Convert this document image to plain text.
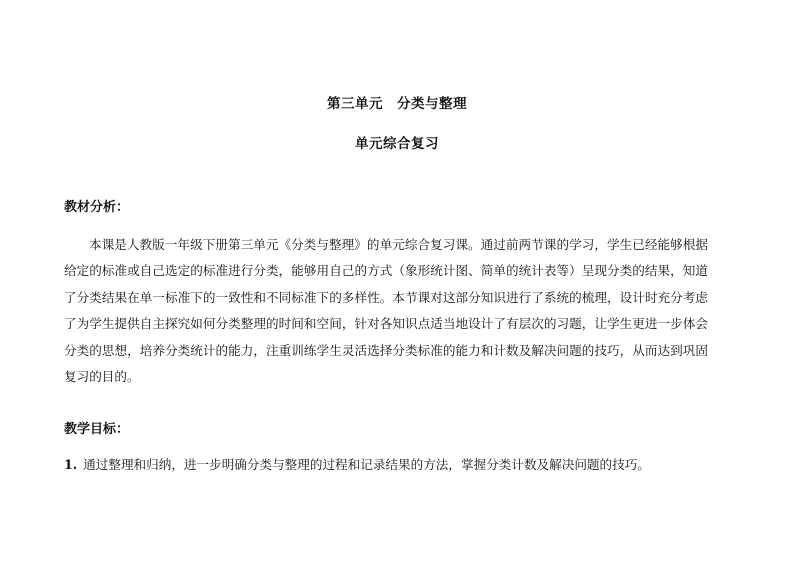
第三单元　分类与整理
单元综合复习
教材分析：

本课是人教版一年级下册第三单元《分类与整理》的单元综合复习课。通过前两节课的学习，学生已经能够根据给定的标准或自己选定的标准进行分类，能够用自己的方式（象形统计图、简单的统计表等）呈现分类的结果，知道了分类结果在单一标准下的一致性和不同标准下的多样性。本节课对这部分知识进行了系统的梳理，设计时充分考虑了为学生提供自主探究如何分类整理的时间和空间，针对各知识点适当地设计了有层次的习题，让学生更进一步体会分类的思想，培养分类统计的能力，注重训练学生灵活选择分类标准的能力和计数及解决问题的技巧，从而达到巩固复习的目的。

教学目标：
1. 通过整理和归纳，进一步明确分类与整理的过程和记录结果的方法，掌握分类计数及解决问题的技巧。
